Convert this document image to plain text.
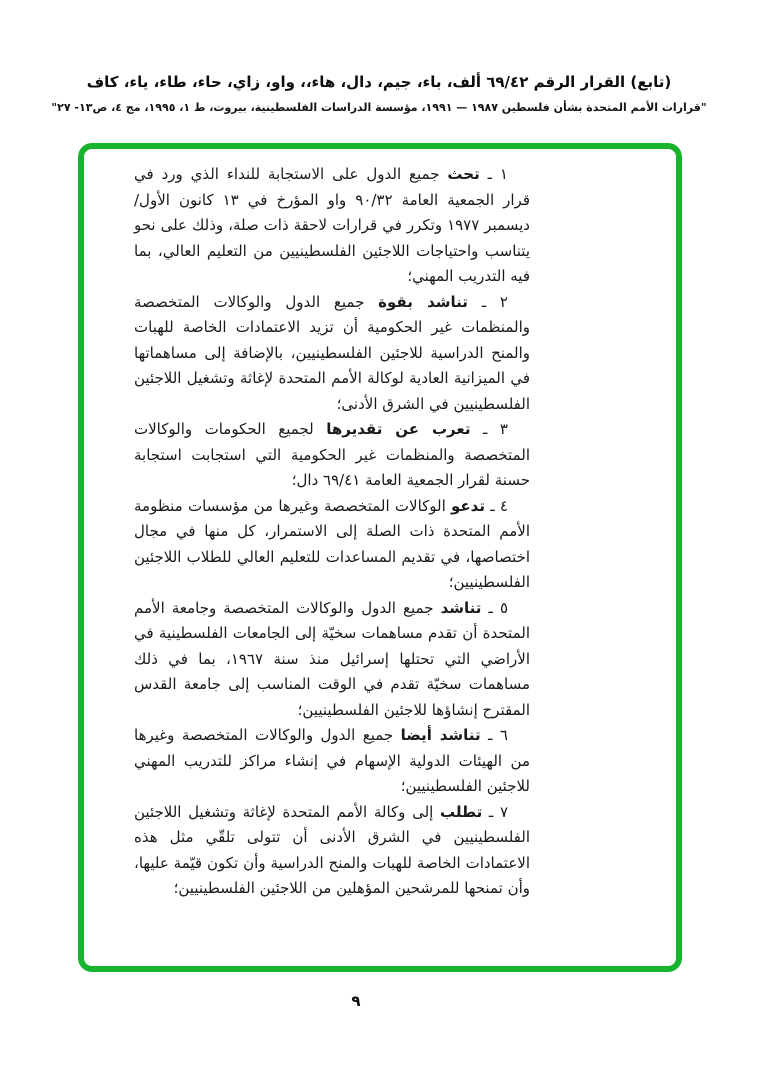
(تابع) القرار الرقم ٦٩/٤٢ ألف، باء، جيم، دال، هاء،، واو، زاي، حاء، طاء، ياء، كاف
"قرارات الأمم المتحدة بشأن فلسطين ١٩٨٧ — ١٩٩١، مؤسسة الدراسات الفلسطينية، بيروت، ط ١، ١٩٩٥، مج ٤، ص١٣- ٢٧"

١ ـ تحث جميع الدول على الاستجابة للنداء الذي ورد في قرار الجمعية العامة ٩٠/٣٢ واو المؤرخ في ١٣ كانون الأول/ديسمبر ١٩٧٧ وتكرر في قرارات لاحقة ذات صلة، وذلك على نحو يتناسب واحتياجات اللاجئين الفلسطينيين من التعليم العالي، بما فيه التدريب المهني؛

٢ ـ تناشد بقوة جميع الدول والوكالات المتخصصة والمنظمات غير الحكومية أن تزيد الاعتمادات الخاصة للهبات والمنح الدراسية للاجئين الفلسطينيين، بالإضافة إلى مساهماتها في الميزانية العادية لوكالة الأمم المتحدة لإغاثة وتشغيل اللاجئين الفلسطينيين في الشرق الأدنى؛

٣ ـ تعرب عن تقديرها لجميع الحكومات والوكالات المتخصصة والمنظمات غير الحكومية التي استجابت استجابة حسنة لقرار الجمعية العامة ٦٩/٤١ دال؛

٤ ـ تدعو الوكالات المتخصصة وغيرها من مؤسسات منظومة الأمم المتحدة ذات الصلة إلى الاستمرار، كل منها في مجال اختصاصها، في تقديم المساعدات للتعليم العالي للطلاب اللاجئين الفلسطينيين؛

٥ ـ تناشد جميع الدول والوكالات المتخصصة وجامعة الأمم المتحدة أن تقدم مساهمات سخيّة إلى الجامعات الفلسطينية في الأراضي التي تحتلها إسرائيل منذ سنة ١٩٦٧، بما في ذلك مساهمات سخيّة تقدم في الوقت المناسب إلى جامعة القدس المقترح إنشاؤها للاجئين الفلسطينيين؛

٦ ـ تناشد أيضا جميع الدول والوكالات المتخصصة وغيرها من الهيئات الدولية الإسهام في إنشاء مراكز للتدريب المهني للاجئين الفلسطينيين؛

٧ ـ تطلب إلى وكالة الأمم المتحدة لإغاثة وتشغيل اللاجئين الفلسطينيين في الشرق الأدنى أن تتولى تلقّي مثل هذه الاعتمادات الخاصة للهبات والمنح الدراسية وأن تكون قيّمة عليها، وأن تمنحها للمرشحين المؤهلين من اللاجئين الفلسطينيين؛

٩
